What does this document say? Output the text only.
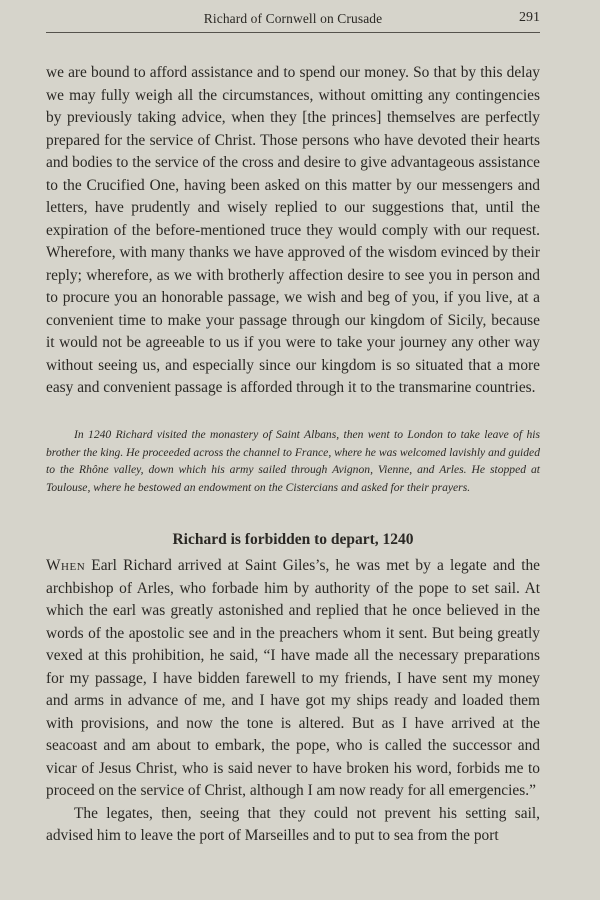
Richard of Cornwell on Crusade	291

we are bound to afford assistance and to spend our money. So that by this delay we may fully weigh all the circumstances, without omitting any contingencies by previously taking advice, when they [the princes] themselves are perfectly prepared for the service of Christ. Those persons who have devoted their hearts and bodies to the service of the cross and desire to give advantageous assistance to the Crucified One, having been asked on this matter by our messengers and letters, have prudently and wisely replied to our suggestions that, until the expiration of the before-mentioned truce they would comply with our request. Wherefore, with many thanks we have approved of the wisdom evinced by their reply; wherefore, as we with brotherly affection desire to see you in person and to procure you an honorable passage, we wish and beg of you, if you live, at a convenient time to make your passage through our kingdom of Sicily, because it would not be agreeable to us if you were to take your journey any other way without seeing us, and especially since our kingdom is so situated that a more easy and convenient passage is afforded through it to the transmarine countries.

In 1240 Richard visited the monastery of Saint Albans, then went to London to take leave of his brother the king. He proceeded across the channel to France, where he was welcomed lavishly and guided to the Rhône valley, down which his army sailed through Avignon, Vienne, and Arles. He stopped at Toulouse, where he bestowed an endowment on the Cistercians and asked for their prayers.

Richard is forbidden to depart, 1240

When Earl Richard arrived at Saint Giles’s, he was met by a legate and the archbishop of Arles, who forbade him by authority of the pope to set sail. At which the earl was greatly astonished and replied that he once believed in the words of the apostolic see and in the preachers whom it sent. But being greatly vexed at this prohibition, he said, “I have made all the necessary preparations for my passage, I have bidden farewell to my friends, I have sent my money and arms in advance of me, and I have got my ships ready and loaded them with provisions, and now the tone is altered. But as I have arrived at the seacoast and am about to embark, the pope, who is called the successor and vicar of Jesus Christ, who is said never to have broken his word, forbids me to proceed on the service of Christ, although I am now ready for all emergencies.”

The legates, then, seeing that they could not prevent his setting sail, advised him to leave the port of Marseilles and to put to sea from the port
